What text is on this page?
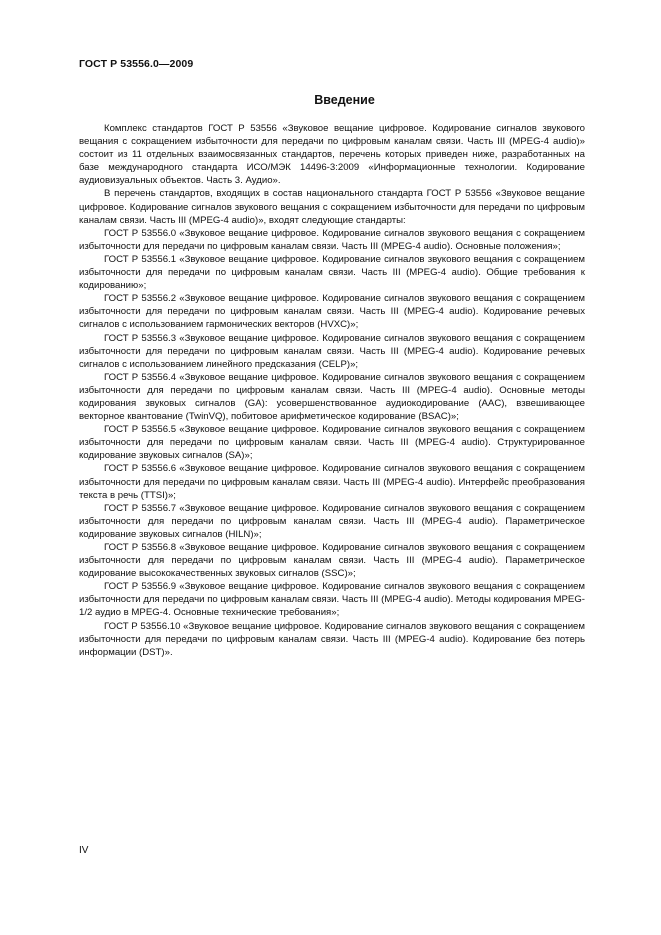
ГОСТ Р 53556.0—2009
Введение

Комплекс стандартов ГОСТ Р 53556 «Звуковое вещание цифровое. Кодирование сигналов звукового вещания с сокращением избыточности для передачи по цифровым каналам связи. Часть III (MPEG-4 audio)» состоит из 11 отдельных взаимосвязанных стандартов, перечень которых приведен ниже, разработанных на базе международного стандарта ИСО/МЭК 14496-3:2009 «Информационные технологии. Кодирование аудиовизуальных объектов. Часть 3. Аудио».

В перечень стандартов, входящих в состав национального стандарта ГОСТ Р 53556 «Звуковое вещание цифровое. Кодирование сигналов звукового вещания с сокращением избыточности для передачи по цифровым каналам связи. Часть III (MPEG-4 audio)», входят следующие стандарты:

ГОСТ Р 53556.0 «Звуковое вещание цифровое. Кодирование сигналов звукового вещания с сокращением избыточности для передачи по цифровым каналам связи. Часть III (MPEG-4 audio). Основные положения»;

ГОСТ Р 53556.1 «Звуковое вещание цифровое. Кодирование сигналов звукового вещания с сокращением избыточности для передачи по цифровым каналам связи. Часть III (MPEG-4 audio). Общие требования к кодированию»;

ГОСТ Р 53556.2 «Звуковое вещание цифровое. Кодирование сигналов звукового вещания с сокращением избыточности для передачи по цифровым каналам связи. Часть III (MPEG-4 audio). Кодирование речевых сигналов с использованием гармонических векторов (HVXC)»;

ГОСТ Р 53556.3 «Звуковое вещание цифровое. Кодирование сигналов звукового вещания с сокращением избыточности для передачи по цифровым каналам связи. Часть III (MPEG-4 audio). Кодирование речевых сигналов с использованием линейного предсказания (CELP)»;

ГОСТ Р 53556.4 «Звуковое вещание цифровое. Кодирование сигналов звукового вещания с сокращением избыточности для передачи по цифровым каналам связи. Часть III (MPEG-4 audio). Основные методы кодирования звуковых сигналов (GA): усовершенствованное аудиокодирование (AAC), взвешивающее векторное квантование (TwinVQ), побитовое арифметическое кодирование (BSAC)»;

ГОСТ Р 53556.5 «Звуковое вещание цифровое. Кодирование сигналов звукового вещания с сокращением избыточности для передачи по цифровым каналам связи. Часть III (MPEG-4 audio). Структурированное кодирование звуковых сигналов (SA)»;

ГОСТ Р 53556.6 «Звуковое вещание цифровое. Кодирование сигналов звукового вещания с сокращением избыточности для передачи по цифровым каналам связи. Часть III (MPEG-4 audio). Интерфейс преобразования текста в речь (TTSI)»;

ГОСТ Р 53556.7 «Звуковое вещание цифровое. Кодирование сигналов звукового вещания с сокращением избыточности для передачи по цифровым каналам связи. Часть III (MPEG-4 audio). Параметрическое кодирование звуковых сигналов (HILN)»;

ГОСТ Р 53556.8 «Звуковое вещание цифровое. Кодирование сигналов звукового вещания с сокращением избыточности для передачи по цифровым каналам связи. Часть III (MPEG-4 audio). Параметрическое кодирование высококачественных звуковых сигналов (SSC)»;

ГОСТ Р 53556.9 «Звуковое вещание цифровое. Кодирование сигналов звукового вещания с сокращением избыточности для передачи по цифровым каналам связи. Часть III (MPEG-4 audio). Методы кодирования MPEG-1/2 аудио в MPEG-4. Основные технические требования»;

ГОСТ Р 53556.10 «Звуковое вещание цифровое. Кодирование сигналов звукового вещания с сокращением избыточности для передачи по цифровым каналам связи. Часть III (MPEG-4 audio). Кодирование без потерь информации (DST)».

IV
